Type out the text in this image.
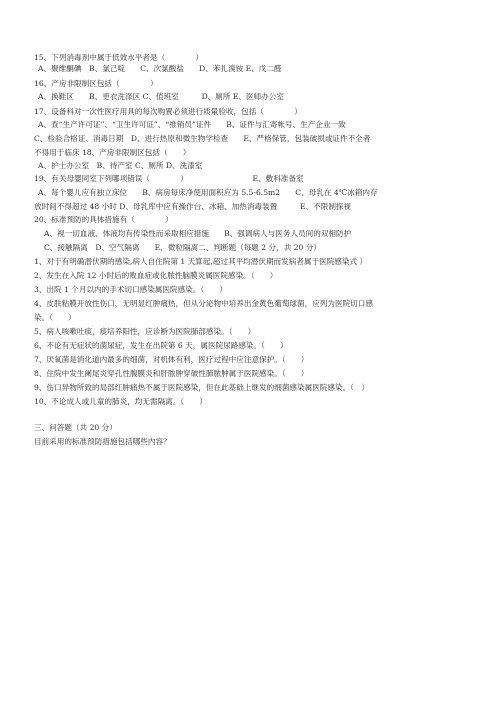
15、下列消毒剂中属于低效水平者是（　　　　）
A、聚维酮碘　B、氯己啶　　C、次氯酸盐　　D、苯扎溴铵 E、戊二醛
16、产房非限制区包括（　　　　）
A、换鞋区　　B、更衣洗涤区 C、值班室　　　D、厕所 E、医师办公室
17、设备科对一次性医疗用具的每次购置必须进行质量验收，包括（　　　　）
A、查“生产许可证”、“卫生许可证”、“推销员”证件　　B、证件与汇寄帐号、生产企业一致
C、检验合格证、消毒日期　D、进行热原和微生物学检查　　E、严格保管，包装破损或证件不全者
不得用于临床 18、产房非限制区包括（　　）
A、护士办公室　B、待产室 C、厕所 D、洗漆室
19、有关母婴同室下列哪项错误（　　　　）　　　　　　　　　E、敷料准备室
A、每个婴儿应有独立床位　　B、病房每床净使用面积应为 5.5-6.5m2　　C、母乳在 4℃冰箱内存
放时间不得超过 48 小时 D、母乳库中应有操作台、冰箱、加热消毒装置　　　E、不限制探视
20、标准预防的具体措施有（　　　　）
A、视一切血液、体液均有传染性而采取相应措施　　B、强调病人与医务人员间的双相防护
C、接触隔离　D、空气隔离　　E、微粒隔离二、判断题（每题 2 分，共 20 分）
1、对于有明确潜伏期的感染,病人自住院第 1 天算起,超过其平均潜伏期而发病者属于医院感染式 ）
2、发生在入院 12 小时后的败血症或化脓性脑膜炎属医院感染。（　　）
3、出院 1 个月以内的手术切口感染属医院感染。（　　）
4、皮肤粘膜开放性伤口，无明显红肿痛热，但从分泌物中培养出金黄色葡萄球菌，应列为医院切口感
染。（　　）
5、病人咳嗽吐痰，痰培养阳性，应诊断为医院肺部感染。（　　）
6、不论有无症状的菌尿症，发生在出院第 6 天，属医院尿路感染。（　　）
7、厌氧菌是消化道内最多的细菌，对机体有利，医疗过程中应注意保护。（　　）
8、住院中发生阑尾炎穿孔性腹膜炎和肝脓肿穿破性肺脓肿属于医院感染。（　　）
9、伤口异物所致的局部红肿痛热不属于医院感染，但在此基础上继发的细菌感染属医院感染。（　）
10、不论成人或儿童的肺炎，均无需隔离。（　　）
三、问答题（共 20 分）
目前采用的标准预防措施包括哪些内容？
